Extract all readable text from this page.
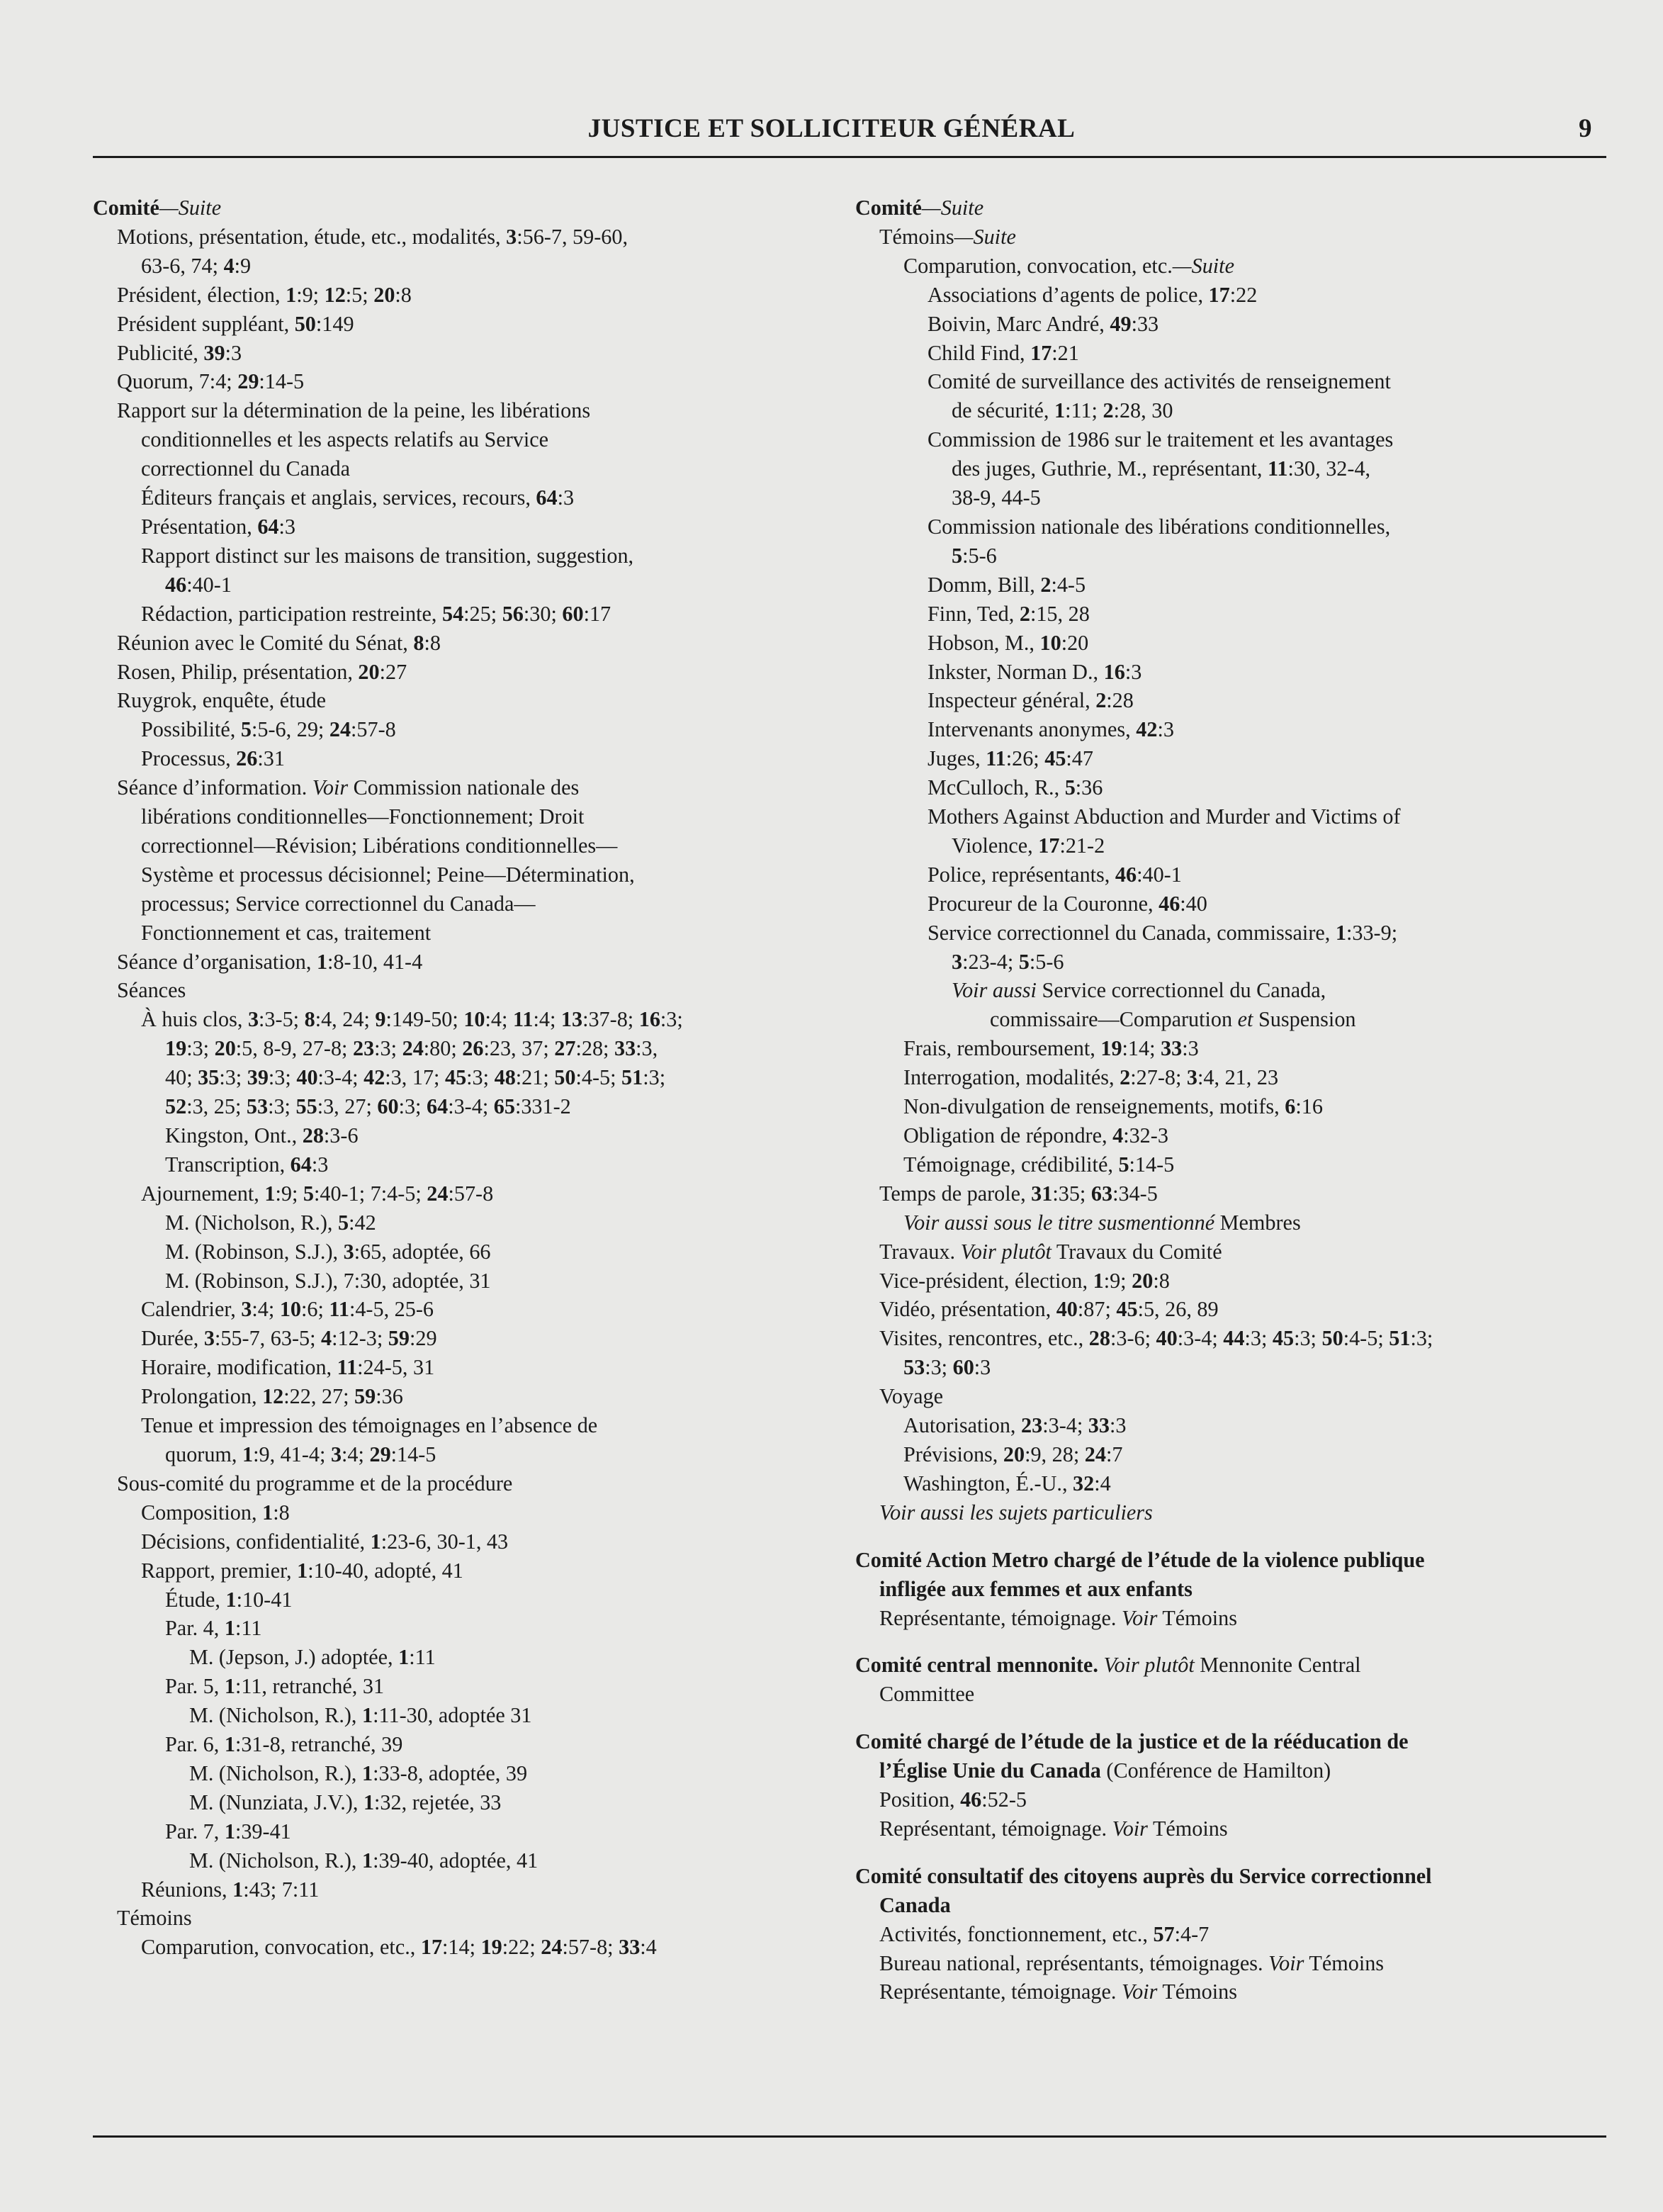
JUSTICE ET SOLLICITEUR GÉNÉRAL	9
Comité—Suite
Motions, présentation, étude, etc., modalités, 3:56-7, 59-60,
63-6, 74; 4:9
Président, élection, 1:9; 12:5; 20:8
Président suppléant, 50:149
Publicité, 39:3
Quorum, 7:4; 29:14-5
Rapport sur la détermination de la peine, les libérations
conditionnelles et les aspects relatifs au Service
correctionnel du Canada
Éditeurs français et anglais, services, recours, 64:3
Présentation, 64:3
Rapport distinct sur les maisons de transition, suggestion,
46:40-1
Rédaction, participation restreinte, 54:25; 56:30; 60:17
Réunion avec le Comité du Sénat, 8:8
Rosen, Philip, présentation, 20:27
Ruygrok, enquête, étude
Possibilité, 5:5-6, 29; 24:57-8
Processus, 26:31
Séance d’information. Voir Commission nationale des
libérations conditionnelles—Fonctionnement; Droit
correctionnel—Révision; Libérations conditionnelles—
Système et processus décisionnel; Peine—Détermination,
processus; Service correctionnel du Canada—
Fonctionnement et cas, traitement
Séance d’organisation, 1:8-10, 41-4
Séances
À huis clos, 3:3-5; 8:4, 24; 9:149-50; 10:4; 11:4; 13:37-8; 16:3;
19:3; 20:5, 8-9, 27-8; 23:3; 24:80; 26:23, 37; 27:28; 33:3,
40; 35:3; 39:3; 40:3-4; 42:3, 17; 45:3; 48:21; 50:4-5; 51:3;
52:3, 25; 53:3; 55:3, 27; 60:3; 64:3-4; 65:331-2
Kingston, Ont., 28:3-6
Transcription, 64:3
Ajournement, 1:9; 5:40-1; 7:4-5; 24:57-8
M. (Nicholson, R.), 5:42
M. (Robinson, S.J.), 3:65, adoptée, 66
M. (Robinson, S.J.), 7:30, adoptée, 31
Calendrier, 3:4; 10:6; 11:4-5, 25-6
Durée, 3:55-7, 63-5; 4:12-3; 59:29
Horaire, modification, 11:24-5, 31
Prolongation, 12:22, 27; 59:36
Tenue et impression des témoignages en l’absence de
quorum, 1:9, 41-4; 3:4; 29:14-5
Sous-comité du programme et de la procédure
Composition, 1:8
Décisions, confidentialité, 1:23-6, 30-1, 43
Rapport, premier, 1:10-40, adopté, 41
Étude, 1:10-41
Par. 4, 1:11
M. (Jepson, J.) adoptée, 1:11
Par. 5, 1:11, retranché, 31
M. (Nicholson, R.), 1:11-30, adoptée 31
Par. 6, 1:31-8, retranché, 39
M. (Nicholson, R.), 1:33-8, adoptée, 39
M. (Nunziata, J.V.), 1:32, rejetée, 33
Par. 7, 1:39-41
M. (Nicholson, R.), 1:39-40, adoptée, 41
Réunions, 1:43; 7:11
Témoins
Comparution, convocation, etc., 17:14; 19:22; 24:57-8; 33:4
Comité—Suite
Témoins—Suite
Comparution, convocation, etc.—Suite
Associations d’agents de police, 17:22
Boivin, Marc André, 49:33
Child Find, 17:21
Comité de surveillance des activités de renseignement
de sécurité, 1:11; 2:28, 30
Commission de 1986 sur le traitement et les avantages
des juges, Guthrie, M., représentant, 11:30, 32-4,
38-9, 44-5
Commission nationale des libérations conditionnelles,
5:5-6
Domm, Bill, 2:4-5
Finn, Ted, 2:15, 28
Hobson, M., 10:20
Inkster, Norman D., 16:3
Inspecteur général, 2:28
Intervenants anonymes, 42:3
Juges, 11:26; 45:47
McCulloch, R., 5:36
Mothers Against Abduction and Murder and Victims of
Violence, 17:21-2
Police, représentants, 46:40-1
Procureur de la Couronne, 46:40
Service correctionnel du Canada, commissaire, 1:33-9;
3:23-4; 5:5-6
Voir aussi Service correctionnel du Canada,
commissaire—Comparution et Suspension
Frais, remboursement, 19:14; 33:3
Interrogation, modalités, 2:27-8; 3:4, 21, 23
Non-divulgation de renseignements, motifs, 6:16
Obligation de répondre, 4:32-3
Témoignage, crédibilité, 5:14-5
Temps de parole, 31:35; 63:34-5
Voir aussi sous le titre susmentionné Membres
Travaux. Voir plutôt Travaux du Comité
Vice-président, élection, 1:9; 20:8
Vidéo, présentation, 40:87; 45:5, 26, 89
Visites, rencontres, etc., 28:3-6; 40:3-4; 44:3; 45:3; 50:4-5; 51:3;
53:3; 60:3
Voyage
Autorisation, 23:3-4; 33:3
Prévisions, 20:9, 28; 24:7
Washington, É.-U., 32:4
Voir aussi les sujets particuliers
Comité Action Metro chargé de l’étude de la violence publique
infligée aux femmes et aux enfants
Représentante, témoignage. Voir Témoins
Comité central mennonite. Voir plutôt Mennonite Central
Committee
Comité chargé de l’étude de la justice et de la rééducation de
l’Église Unie du Canada (Conférence de Hamilton)
Position, 46:52-5
Représentant, témoignage. Voir Témoins
Comité consultatif des citoyens auprès du Service correctionnel
Canada
Activités, fonctionnement, etc., 57:4-7
Bureau national, représentants, témoignages. Voir Témoins
Représentante, témoignage. Voir Témoins
